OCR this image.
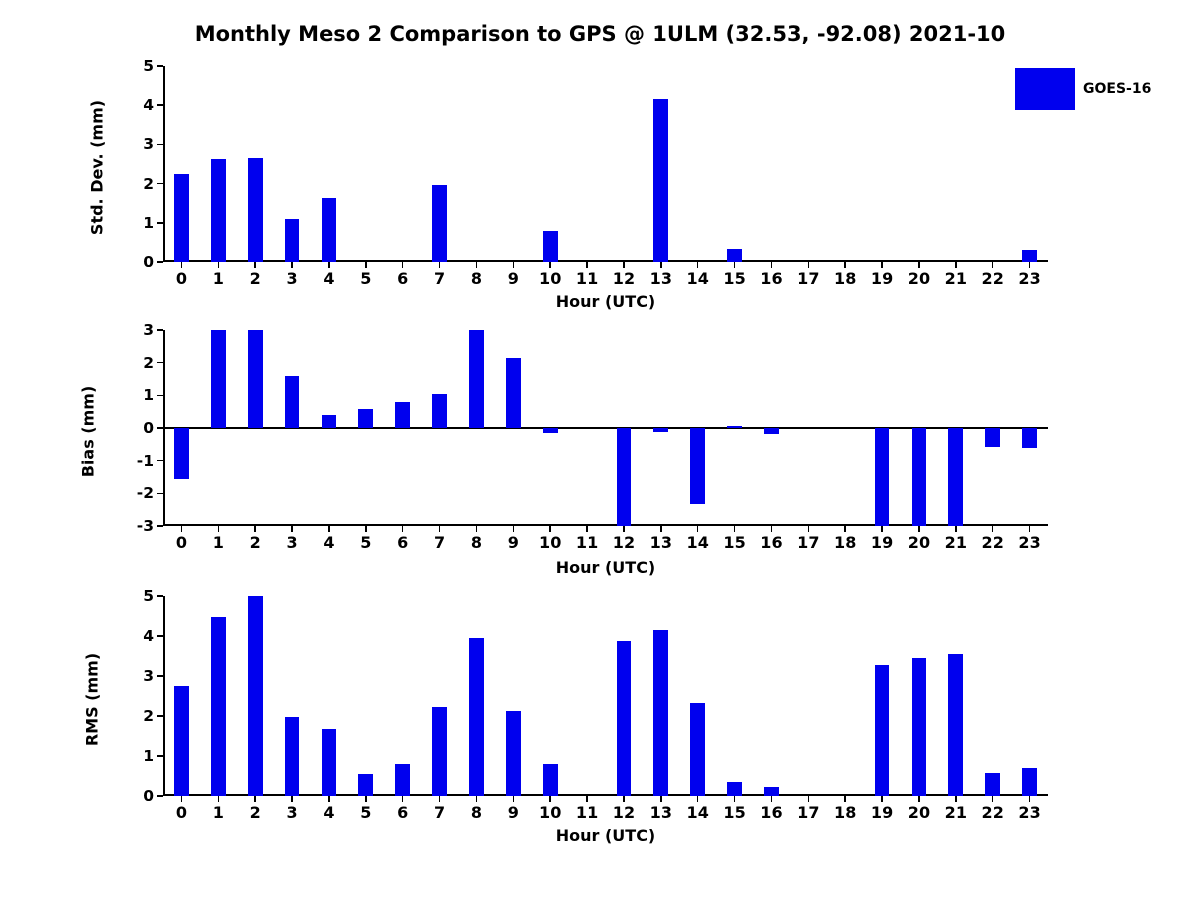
Monthly Meso 2 Comparison to GPS @ 1ULM (32.53, -92.08) 2021-10
0
1
2
3
4
5
0 1 2 3 4 5 6 7 8 9 10 11 12 13 14 15 16 17 18 19 20 21 22 23
Std. Dev. (mm)
Hour (UTC)
GOES-16
-3
-2
-1
0
1
2
3
0 1 2 3 4 5 6 7 8 9 10 11 12 13 14 15 16 17 18 19 20 21 22 23
Bias (mm)
Hour (UTC)
0
1
2
3
4
5
0 1 2 3 4 5 6 7 8 9 10 11 12 13 14 15 16 17 18 19 20 21 22 23
RMS (mm)
Hour (UTC)
